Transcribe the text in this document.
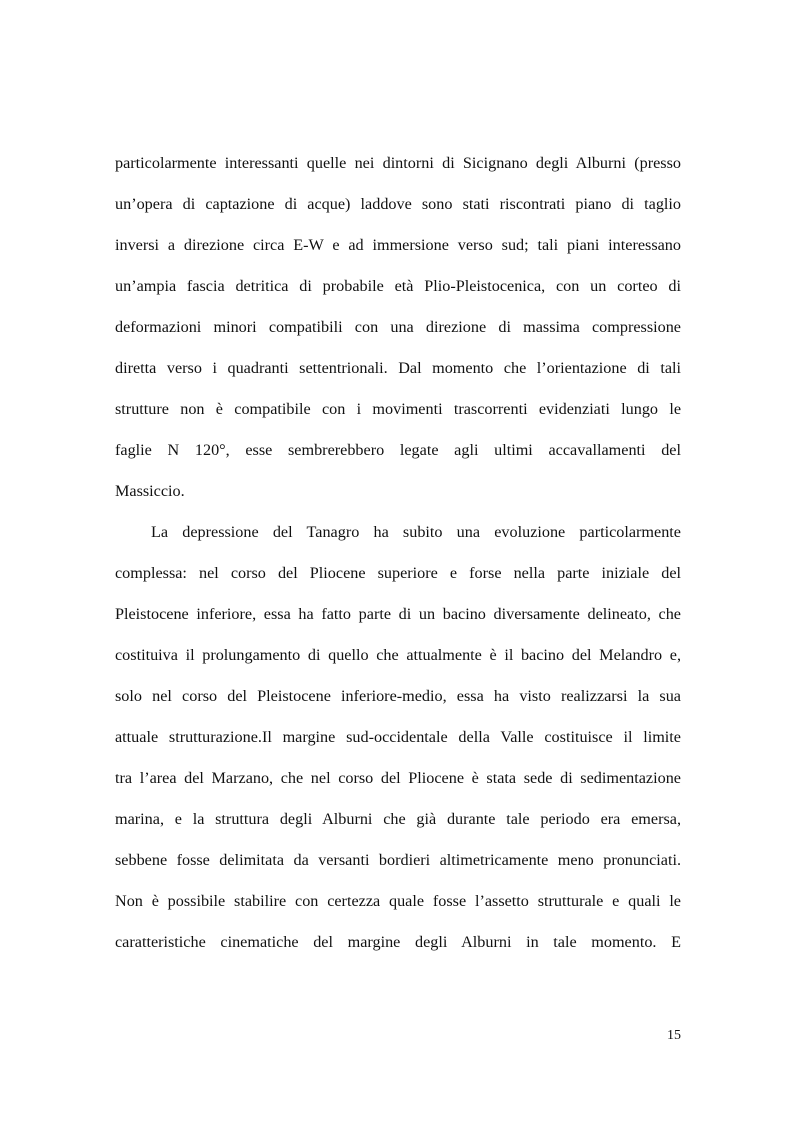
particolarmente interessanti quelle nei dintorni di Sicignano degli Alburni (presso
un’opera di captazione di acque) laddove sono stati riscontrati piano di taglio
inversi a direzione circa E-W e ad immersione verso sud; tali piani interessano
un’ampia fascia detritica di probabile età Plio-Pleistocenica, con un corteo di
deformazioni minori compatibili con una direzione di massima compressione
diretta verso i quadranti settentrionali. Dal momento che l’orientazione di tali
strutture non è compatibile con i movimenti trascorrenti evidenziati lungo le
faglie N 120°, esse sembrerebbero legate agli ultimi accavallamenti del
Massiccio.
La depressione del Tanagro ha subito una evoluzione particolarmente
complessa: nel corso del Pliocene superiore e forse nella parte iniziale del
Pleistocene inferiore, essa ha fatto parte di un bacino diversamente delineato, che
costituiva il prolungamento di quello che attualmente è il bacino del Melandro e,
solo nel corso del Pleistocene inferiore-medio, essa ha visto realizzarsi la sua
attuale strutturazione.Il margine sud-occidentale della Valle costituisce il limite
tra l’area del Marzano, che nel corso del Pliocene è stata sede di sedimentazione
marina, e la struttura degli Alburni che già durante tale periodo era emersa,
sebbene fosse delimitata da versanti bordieri altimetricamente meno pronunciati.
Non è possibile stabilire con certezza quale fosse l’assetto strutturale e quali le
caratteristiche cinematiche del margine degli Alburni in tale momento. E
15
